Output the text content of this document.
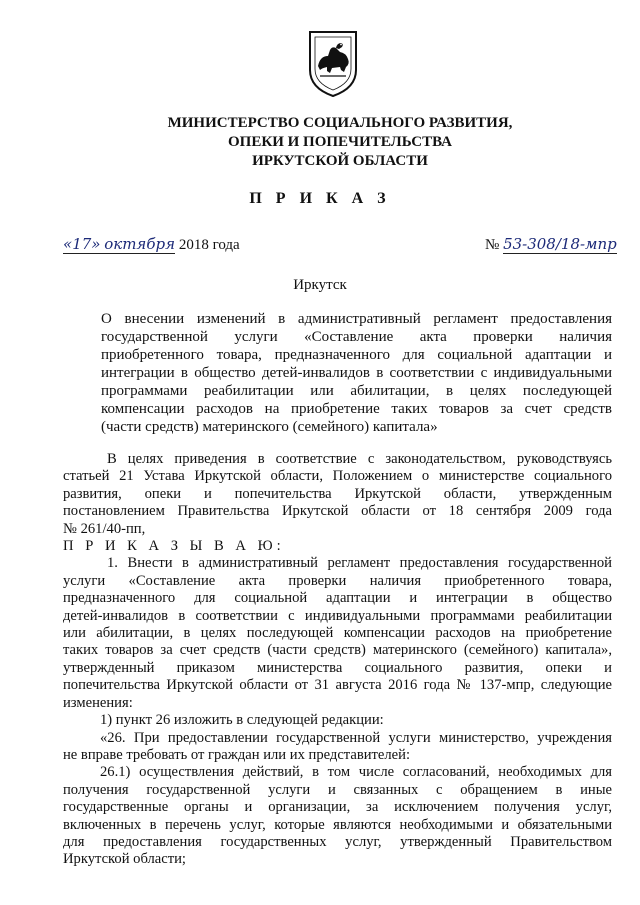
МИНИСТЕРСТВО СОЦИАЛЬНОГО РАЗВИТИЯ,
ОПЕКИ И ПОПЕЧИТЕЛЬСТВА
ИРКУТСКОЙ ОБЛАСТИ
П Р И К А З
«17» октября 2018 года	№ 53-308/18-мпр
Иркутск
О внесении изменений в административный регламент предоставления
государственной услуги «Составление акта проверки наличия
приобретенного товара, предназначенного для социальной адаптации и
интеграции в общество детей-инвалидов в соответствии с индивидуальными
программами реабилитации или абилитации, в целях последующей
компенсации расходов на приобретение таких товаров за счет средств
(части средств) материнского (семейного) капитала»
В целях приведения в соответствие с законодательством, руководствуясь
статьей 21 Устава Иркутской области, Положением о министерстве социального
развития, опеки и попечительства Иркутской области, утвержденным
постановлением Правительства Иркутской области от 18 сентября 2009 года
№ 261/40-пп,
П Р И К А З Ы В А Ю:
1. Внести в административный регламент предоставления государственной
услуги «Составление акта проверки наличия приобретенного товара,
предназначенного для социальной адаптации и интеграции в общество
детей-инвалидов в соответствии с индивидуальными программами реабилитации
или абилитации, в целях последующей компенсации расходов на приобретение
таких товаров за счет средств (части средств) материнского (семейного) капитала»,
утвержденный приказом министерства социального развития, опеки и
попечительства Иркутской области от 31 августа 2016 года № 137-мпр, следующие
изменения:
1) пункт 26 изложить в следующей редакции:
«26. При предоставлении государственной услуги министерство, учреждения
не вправе требовать от граждан или их представителей:
26.1) осуществления действий, в том числе согласований, необходимых для
получения государственной услуги и связанных с обращением в иные
государственные органы и организации, за исключением получения услуг,
включенных в перечень услуг, которые являются необходимыми и обязательными
для предоставления государственных услуг, утвержденный Правительством
Иркутской области;
